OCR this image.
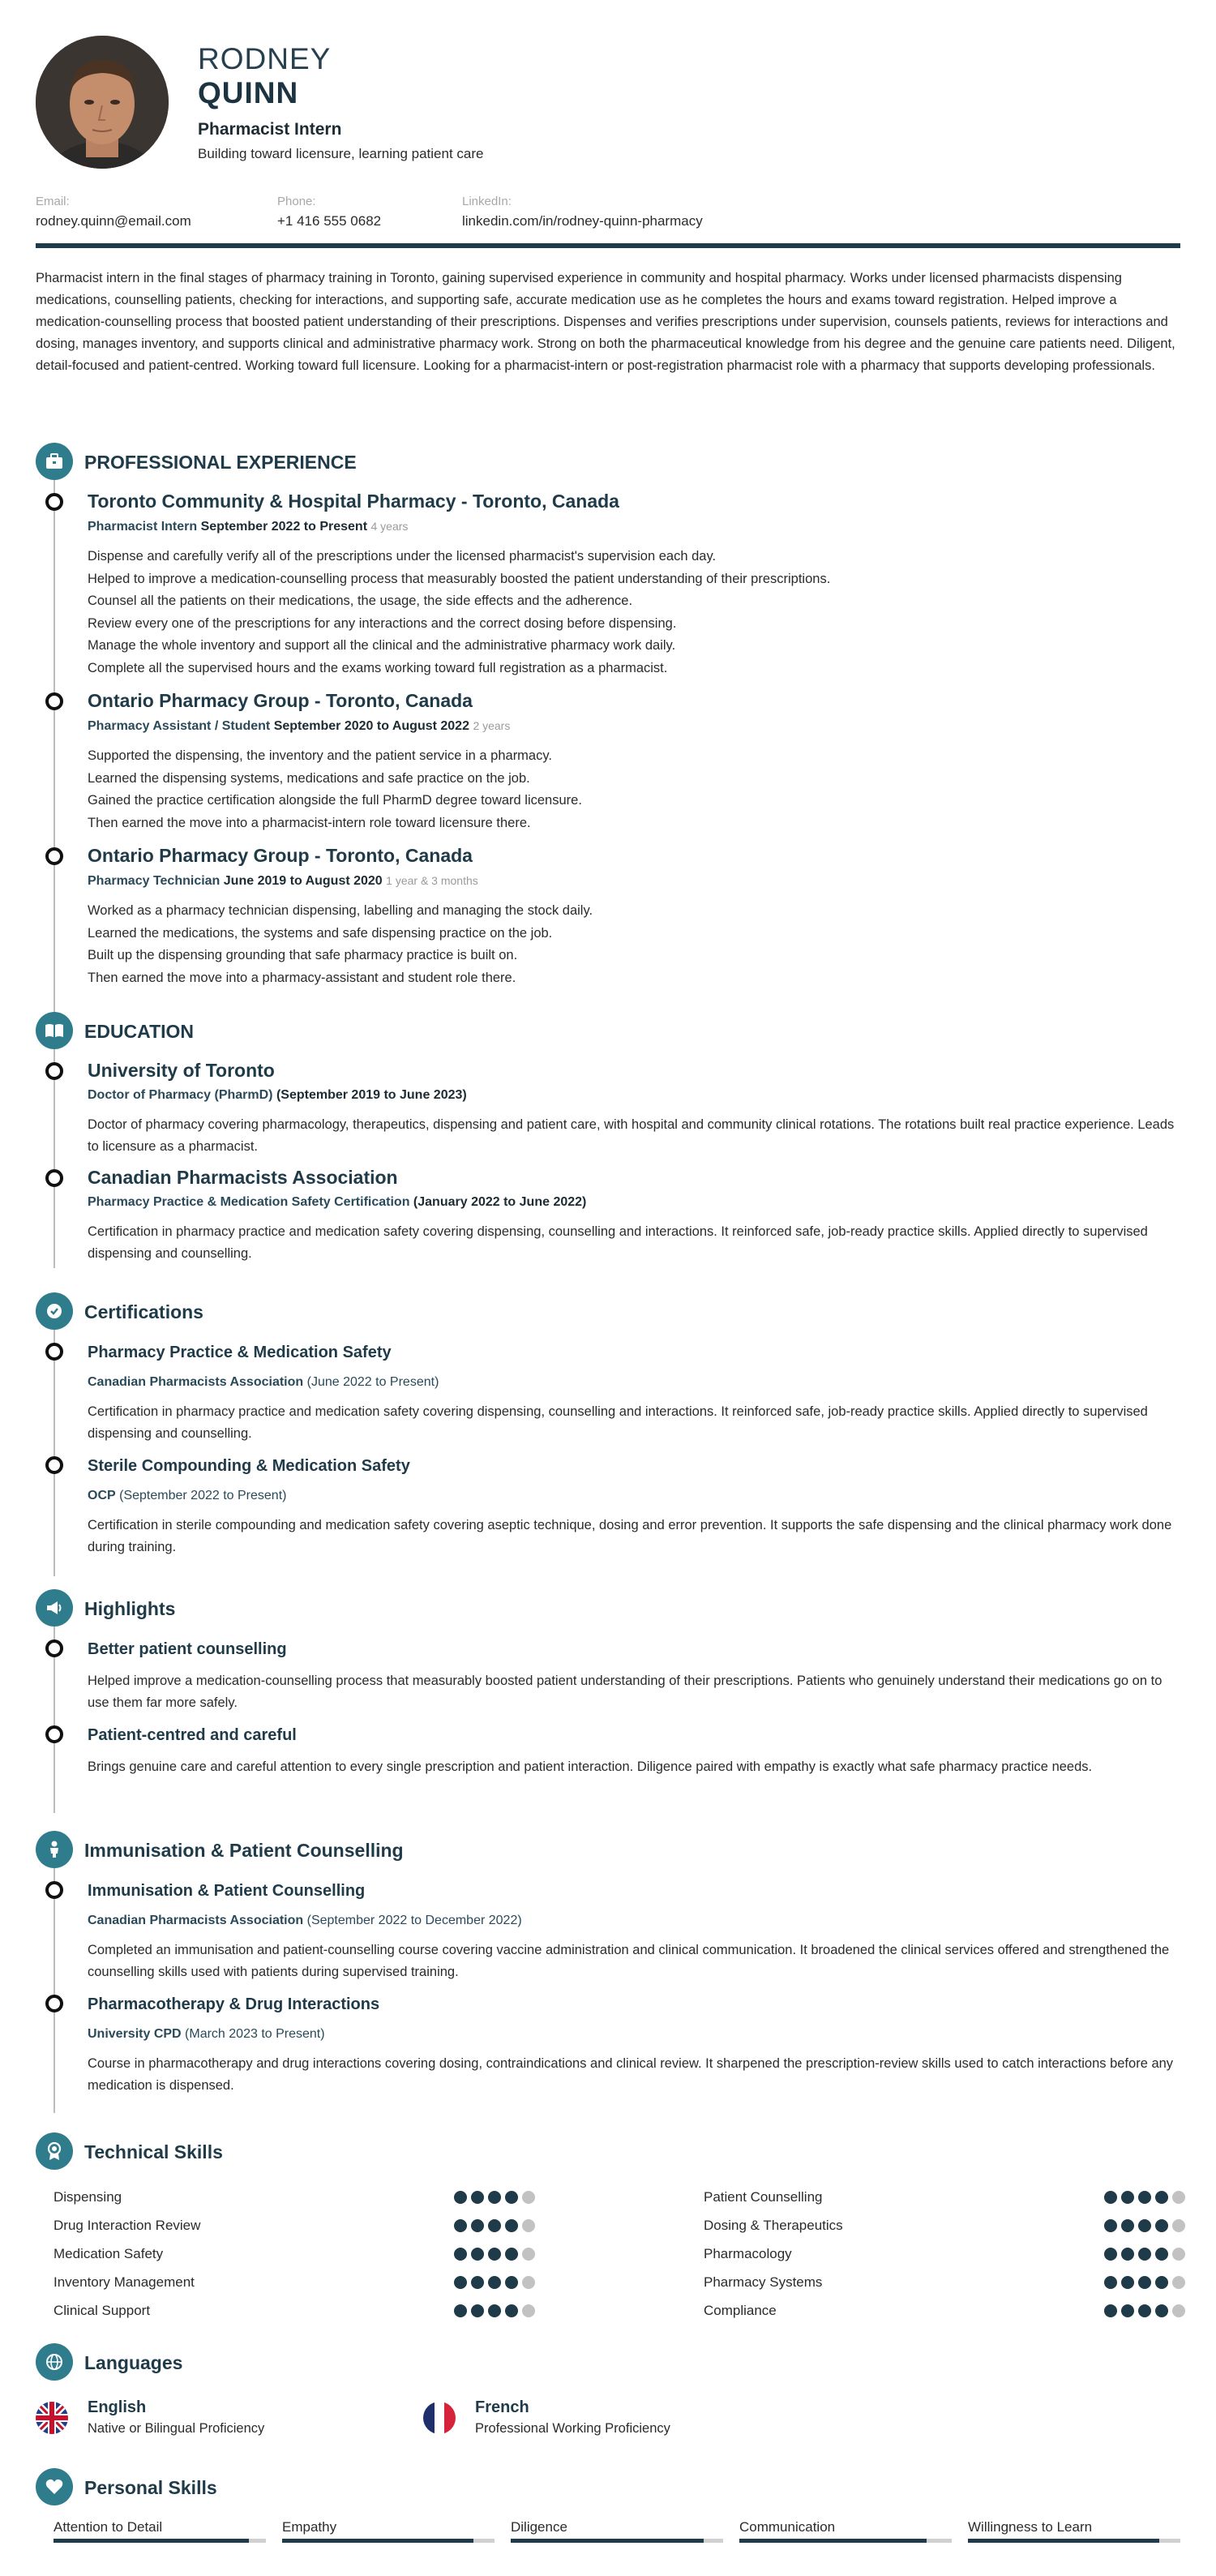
RODNEY
QUINN
Pharmacist Intern
Building toward licensure, learning patient care
Email:
rodney.quinn@email.com
Phone:
+1 416 555 0682
LinkedIn:
linkedin.com/in/rodney-quinn-pharmacy
Pharmacist intern in the final stages of pharmacy training in Toronto, gaining supervised experience in community and hospital pharmacy. Works under licensed pharmacists dispensing medications, counselling patients, checking for interactions, and supporting safe, accurate medication use as he completes the hours and exams toward registration. Helped improve a medication-counselling process that boosted patient understanding of their prescriptions. Dispenses and verifies prescriptions under supervision, counsels patients, reviews for interactions and dosing, manages inventory, and supports clinical and administrative pharmacy work. Strong on both the pharmaceutical knowledge from his degree and the genuine care patients need. Diligent, detail-focused and patient-centred. Working toward full licensure. Looking for a pharmacist-intern or post-registration pharmacist role with a pharmacy that supports developing professionals.
PROFESSIONAL EXPERIENCE
Toronto Community & Hospital Pharmacy - Toronto, Canada
Pharmacist Intern September 2022 to Present 4 years
Dispense and carefully verify all of the prescriptions under the licensed pharmacist's supervision each day.
Helped to improve a medication-counselling process that measurably boosted the patient understanding of their prescriptions.
Counsel all the patients on their medications, the usage, the side effects and the adherence.
Review every one of the prescriptions for any interactions and the correct dosing before dispensing.
Manage the whole inventory and support all the clinical and the administrative pharmacy work daily.
Complete all the supervised hours and the exams working toward full registration as a pharmacist.
Ontario Pharmacy Group - Toronto, Canada
Pharmacy Assistant / Student September 2020 to August 2022 2 years
Supported the dispensing, the inventory and the patient service in a pharmacy.
Learned the dispensing systems, medications and safe practice on the job.
Gained the practice certification alongside the full PharmD degree toward licensure.
Then earned the move into a pharmacist-intern role toward licensure there.
Ontario Pharmacy Group - Toronto, Canada
Pharmacy Technician June 2019 to August 2020 1 year & 3 months
Worked as a pharmacy technician dispensing, labelling and managing the stock daily.
Learned the medications, the systems and safe dispensing practice on the job.
Built up the dispensing grounding that safe pharmacy practice is built on.
Then earned the move into a pharmacy-assistant and student role there.
EDUCATION
University of Toronto
Doctor of Pharmacy (PharmD) (September 2019 to June 2023)
Doctor of pharmacy covering pharmacology, therapeutics, dispensing and patient care, with hospital and community clinical rotations. The rotations built real practice experience. Leads to licensure as a pharmacist.
Canadian Pharmacists Association
Pharmacy Practice & Medication Safety Certification (January 2022 to June 2022)
Certification in pharmacy practice and medication safety covering dispensing, counselling and interactions. It reinforced safe, job-ready practice skills. Applied directly to supervised dispensing and counselling.
Certifications
Pharmacy Practice & Medication Safety
Canadian Pharmacists Association (June 2022 to Present)
Certification in pharmacy practice and medication safety covering dispensing, counselling and interactions. It reinforced safe, job-ready practice skills. Applied directly to supervised dispensing and counselling.
Sterile Compounding & Medication Safety
OCP (September 2022 to Present)
Certification in sterile compounding and medication safety covering aseptic technique, dosing and error prevention. It supports the safe dispensing and the clinical pharmacy work done during training.
Highlights
Better patient counselling
Helped improve a medication-counselling process that measurably boosted patient understanding of their prescriptions. Patients who genuinely understand their medications go on to use them far more safely.
Patient-centred and careful
Brings genuine care and careful attention to every single prescription and patient interaction. Diligence paired with empathy is exactly what safe pharmacy practice needs.
Immunisation & Patient Counselling
Immunisation & Patient Counselling
Canadian Pharmacists Association (September 2022 to December 2022)
Completed an immunisation and patient-counselling course covering vaccine administration and clinical communication. It broadened the clinical services offered and strengthened the counselling skills used with patients during supervised training.
Pharmacotherapy & Drug Interactions
University CPD (March 2023 to Present)
Course in pharmacotherapy and drug interactions covering dosing, contraindications and clinical review. It sharpened the prescription-review skills used to catch interactions before any medication is dispensed.
Technical Skills
Dispensing
Drug Interaction Review
Medication Safety
Inventory Management
Clinical Support
Patient Counselling
Dosing & Therapeutics
Pharmacology
Pharmacy Systems
Compliance
Languages
English
Native or Bilingual Proficiency
French
Professional Working Proficiency
Personal Skills
Attention to Detail	Empathy	Diligence	Communication	Willingness to Learn
